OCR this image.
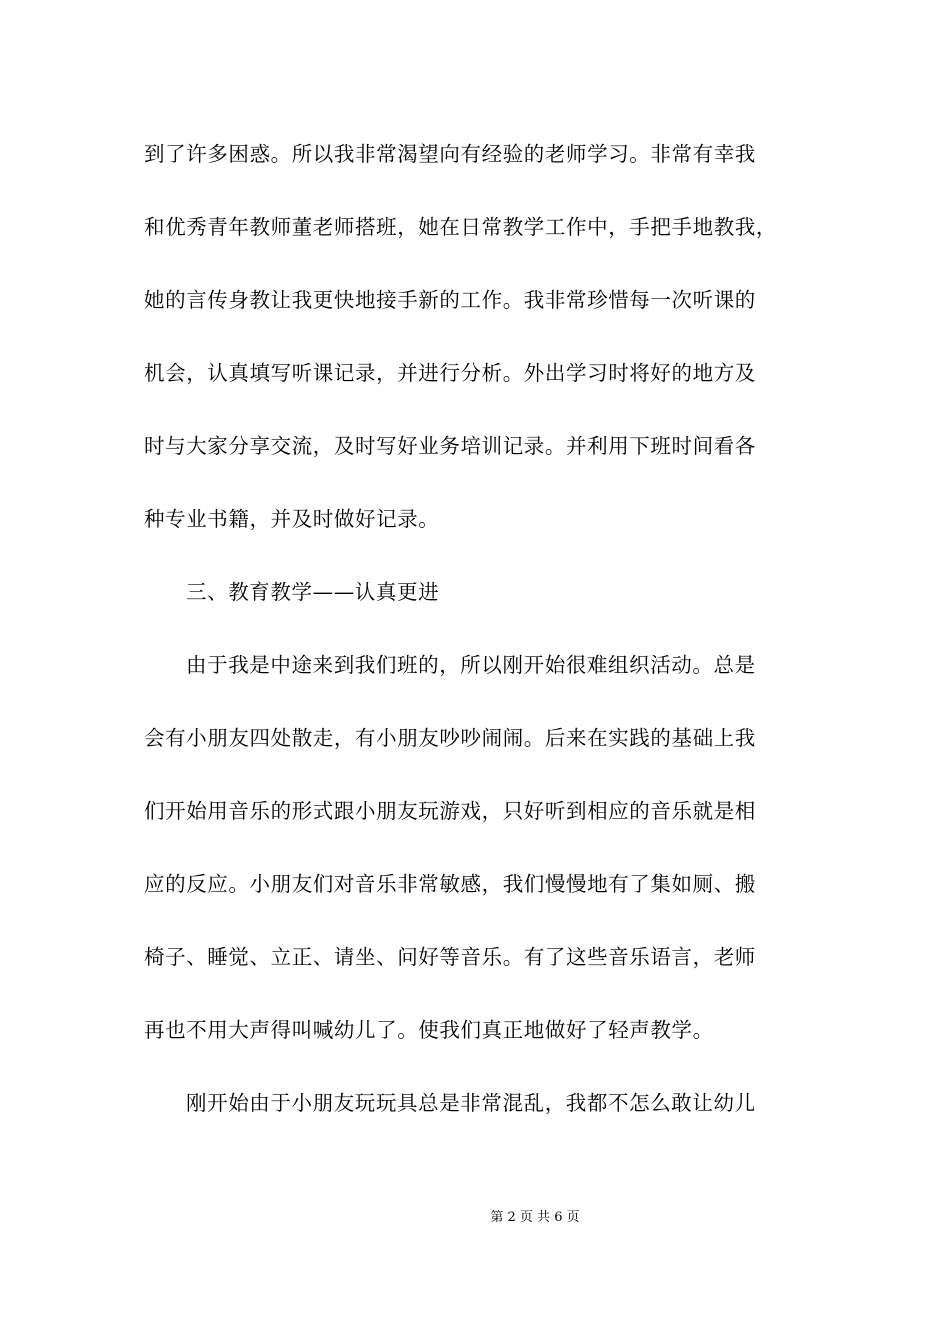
到了许多困惑。所以我非常渴望向有经验的老师学习。非常有幸我
和优秀青年教师董老师搭班，她在日常教学工作中，手把手地教我，
她的言传身教让我更快地接手新的工作。我非常珍惜每一次听课的
机会，认真填写听课记录，并进行分析。外出学习时将好的地方及
时与大家分享交流，及时写好业务培训记录。并利用下班时间看各
种专业书籍，并及时做好记录。
三、教育教学——认真更进
由于我是中途来到我们班的，所以刚开始很难组织活动。总是
会有小朋友四处散走，有小朋友吵吵闹闹。后来在实践的基础上我
们开始用音乐的形式跟小朋友玩游戏，只好听到相应的音乐就是相
应的反应。小朋友们对音乐非常敏感，我们慢慢地有了集如厕、搬
椅子、睡觉、立正、请坐、问好等音乐。有了这些音乐语言，老师
再也不用大声得叫喊幼儿了。使我们真正地做好了轻声教学。
刚开始由于小朋友玩玩具总是非常混乱，我都不怎么敢让幼儿
第 2 页 共 6 页
